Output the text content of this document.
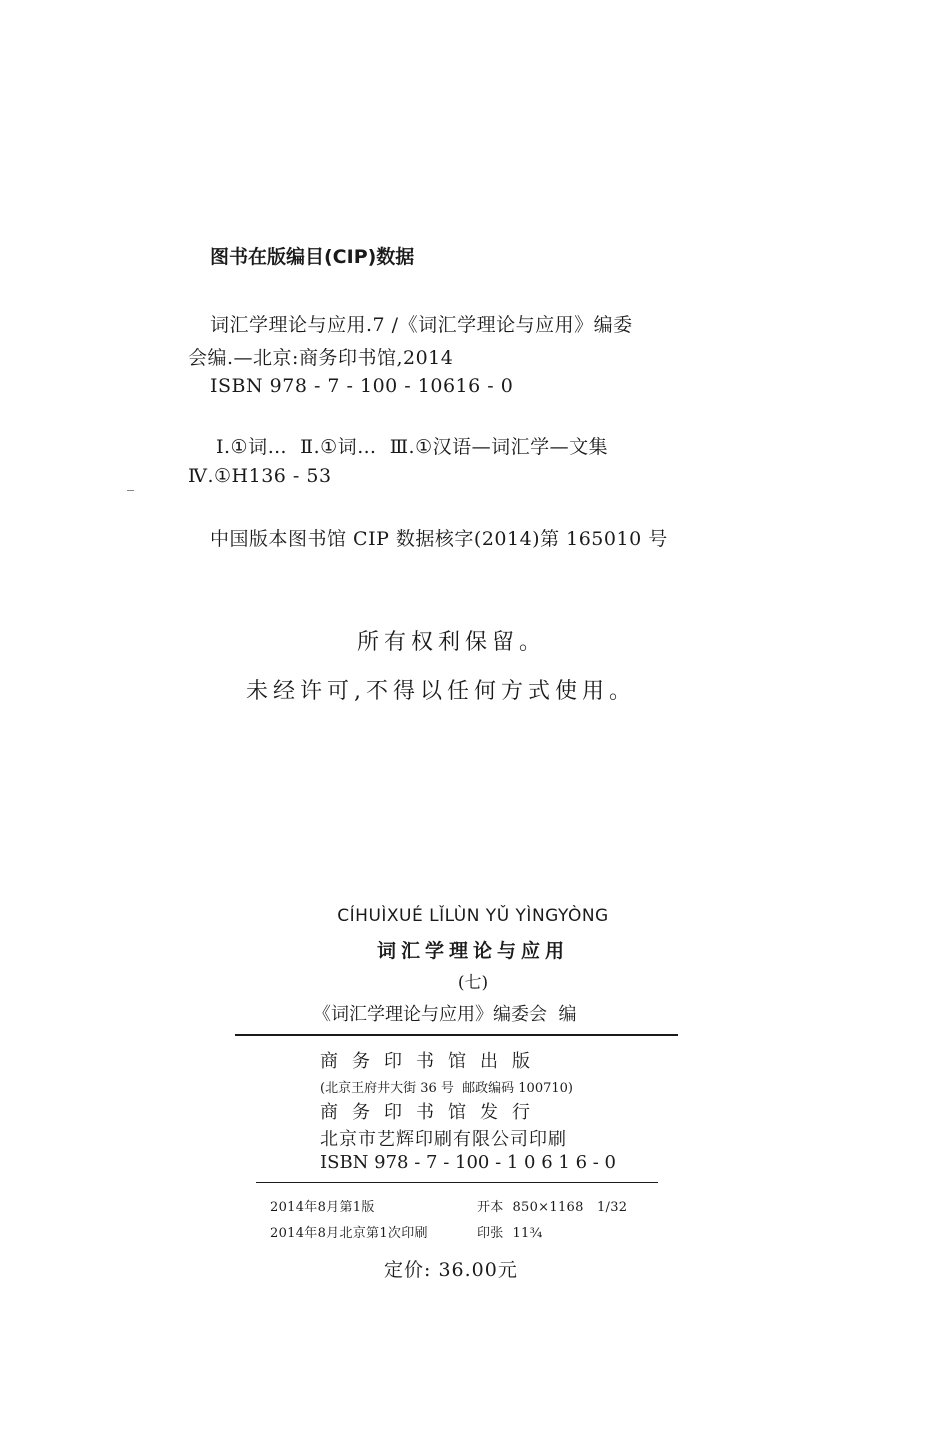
图书在版编目(CIP)数据
词汇学理论与应用.7 /《词汇学理论与应用》编委
会编.—北京:商务印书馆,2014
ISBN 978 - 7 - 100 - 10616 - 0
Ⅰ.①词…  Ⅱ.①词…  Ⅲ.①汉语—词汇学—文集
Ⅳ.①H136 - 53
中国版本图书馆 CIP 数据核字(2014)第 165010 号
所有权利保留。
未经许可,不得以任何方式使用。
CÍHUÌXUÉ LǏLÙN YǓ YÌNGYÒNG
词汇学理论与应用
(七)
《词汇学理论与应用》编委会  编
商务印书馆出版
(北京王府井大街 36 号  邮政编码 100710)
商务印书馆发行
北京市艺辉印刷有限公司印刷
ISBN 978 - 7 - 100 - 1 0 6 1 6 - 0
2014年8月第1版	开本  850×1168   1/32
2014年8月北京第1次印刷	印张  11¾
定价: 36.00元
